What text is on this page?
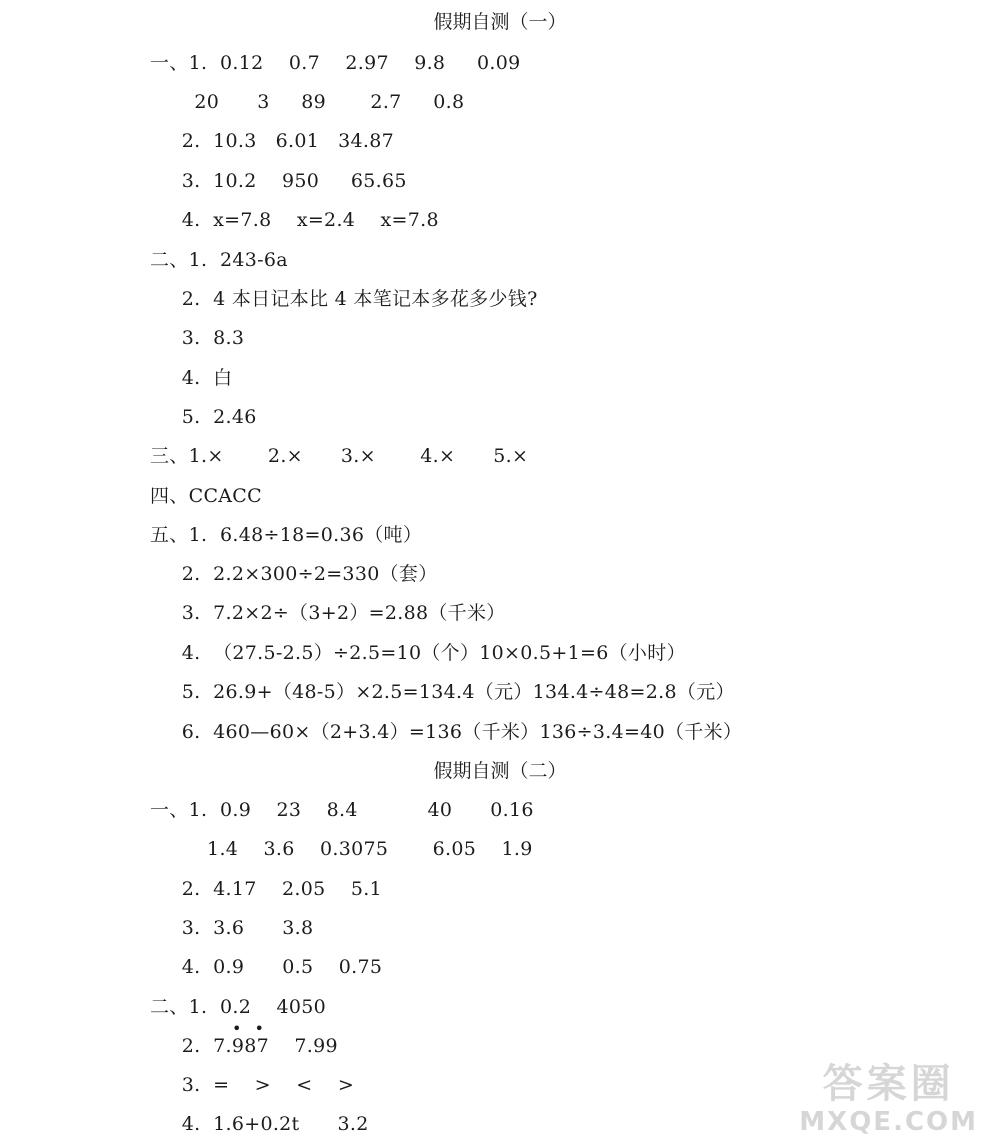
假期自测（一）
一、1.  0.12    0.7    2.97    9.8     0.09
20      3     89       2.7     0.8
2.  10.3   6.01   34.87
3.  10.2    950     65.65
4.  x=7.8    x=2.4    x=7.8
二、1.  243-6a
2.  4 本日记本比 4 本笔记本多花多少钱?
3.  8.3
4.  白
5.  2.46
三、1.×       2.×      3.×       4.×      5.×
四、CCACC
五、1.  6.48÷18=0.36（吨）
2.  2.2×300÷2=330（套）
3.  7.2×2÷（3+2）=2.88（千米）
4.  （27.5-2.5）÷2.5=10（个）10×0.5+1=6（小时）
5.  26.9+（48-5）×2.5=134.4（元）134.4÷48=2.8（元）
6.  460—60×（2+3.4）=136（千米）136÷3.4=40（千米）
假期自测（二）
一、1.  0.9    23    8.4           40      0.16
1.4    3.6    0.3075       6.05    1.9
2.  4.17    2.05    5.1
3.  3.6      3.8
4.  0.9      0.5    0.75
二、1.  0.2    4050
• •
2.  7.987    7.99
3.  =    >    <    >
4.  1.6+0.2t      3.2
答案圈
MXQE.COM
